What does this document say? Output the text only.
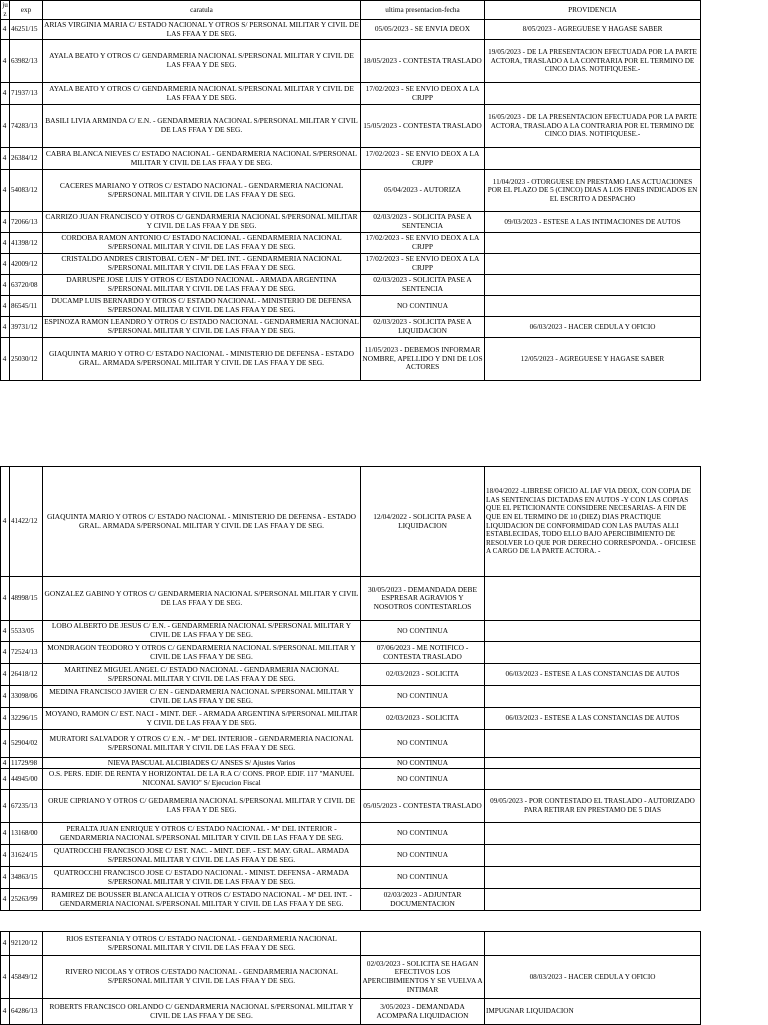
juz	exp	caratula	ultima presentacion-fecha	PROVIDENCIA
4	46251/15	ARIAS VIRGINIA MARIA C/ ESTADO NACIONAL Y OTROS S/ PERSONAL MILITAR Y CIVIL DE LAS FFAA Y DE SEG.	05/05/2023 - SE ENVIA DEOX	8/05/2023 - AGREGUESE Y HAGASE SABER
4	63982/13	AYALA BEATO Y OTROS C/ GENDARMERIA NACIONAL S/PERSONAL MILITAR Y CIVIL DE LAS FFAA Y DE SEG.	18/05/2023 - CONTESTA TRASLADO	19/05/2023 - DE LA PRESENTACION EFECTUADA POR LA PARTE ACTORA, TRASLADO A LA CONTRARIA POR EL TERMINO DE CINCO DIAS. NOTIFIQUESE.-
4	71937/13	AYALA BEATO Y OTROS C/ GENDARMERIA NACIONAL S/PERSONAL MILITAR Y CIVIL DE LAS FFAA Y DE SEG.	17/02/2023 - SE ENVIO DEOX A LA CRJPP	
4	74283/13	BASILI LIVIA ARMINDA C/ E.N. - GENDARMERIA NACIONAL S/PERSONAL MILITAR Y CIVIL DE LAS FFAA Y DE SEG.	15/05/2023 - CONTESTA TRASLADO	16/05/2023 - DE LA PRESENTACION EFECTUADA POR LA PARTE ACTORA, TRASLADO A LA CONTRARIA POR EL TERMINO DE CINCO DIAS. NOTIFIQUESE.-
4	26384/12	CABRA BLANCA NIEVES C/ ESTADO NACIONAL - GENDARMERIA NACIONAL S/PERSONAL MILITAR Y CIVIL DE LAS FFAA Y DE SEG.	17/02/2023 - SE ENVIO DEOX A LA CRJPP	
4	54083/12	CACERES MARIANO Y OTROS C/ ESTADO NACIONAL - GENDARMERIA NACIONAL S/PERSONAL MILITAR Y CIVIL DE LAS FFAA Y DE SEG.	05/04/2023 - AUTORIZA	11/04/2023 - OTORGUESE EN PRESTAMO LAS ACTUACIONES POR EL PLAZO DE 5 (CINCO) DIAS A LOS FINES INDICADOS EN EL ESCRITO A DESPACHO
4	72066/13	CARRIZO JUAN FRANCISCO Y OTROS C/ GENDARMERIA NACIONAL S/PERSONAL MILITAR Y CIVIL DE LAS FFAA Y DE SEG.	02/03/2023 - SOLICITA PASE A SENTENCIA	09/03/2023 - ESTESE A LAS INTIMACIONES DE AUTOS
4	41398/12	CORDOBA RAMON ANTONIO C/ ESTADO NACIONAL - GENDARMERIA NACIONAL S/PERSONAL MILITAR Y CIVIL DE LAS FFAA Y DE SEG.	17/02/2023 - SE ENVIO DEOX A LA CRJPP	
4	42009/12	CRISTALDO ANDRES CRISTOBAL C/EN - Mº DEL INT. - GENDARMERIA NACIONAL S/PERSONAL MILITAR Y CIVIL DE LAS FFAA Y DE SEG.	17/02/2023 - SE ENVIO DEOX A LA CRJPP	
4	63720/08	DARRUSPE JOSE LUIS Y OTROS C/ ESTADO NACIONAL - ARMADA ARGENTINA S/PERSONAL MILITAR Y CIVIL DE LAS FFAA Y DE SEG.	02/03/2023 - SOLICITA PASE A SENTENCIA	
4	86545/11	DUCAMP LUIS BERNARDO Y OTROS C/ ESTADO NACIONAL - MINISTERIO DE DEFENSA S/PERSONAL MILITAR Y CIVIL DE LAS FFAA Y DE SEG.	NO CONTINUA	
4	39731/12	ESPINOZA RAMON LEANDRO Y OTROS C/ ESTADO NACIONAL - GENDARMERIA NACIONAL S/PERSONAL MILITAR Y CIVIL DE LAS FFAA Y DE SEG.	02/03/2023 - SOLICITA PASE A LIQUIDACION	06/03/2023 - HACER CEDULA Y OFICIO
4	25030/12	GIAQUINTA MARIO Y OTRO C/ ESTADO NACIONAL - MINISTERIO DE DEFENSA - ESTADO GRAL. ARMADA S/PERSONAL MILITAR Y CIVIL DE LAS FFAA Y DE SEG.	11/05/2023 - DEBEMOS INFORMAR NOMBRE, APELLIDO Y DNI DE LOS ACTORES	12/05/2023 - AGREGUESE Y HAGASE SABER
4	41422/12	GIAQUINTA MARIO Y OTROS C/ ESTADO NACIONAL - MINISTERIO DE DEFENSA - ESTADO GRAL. ARMADA S/PERSONAL MILITAR Y CIVIL DE LAS FFAA Y DE SEG.	12/04/2022 - SOLICITA PASE A LIQUIDACION	18/04/2022 -LIBRESE OFICIO AL IAF VIA DEOX, CON COPIA DE LAS SENTENCIAS DICTADAS EN AUTOS -Y CON LAS COPIAS QUE EL PETICIONANTE CONSIDERE NECESARIAS- A FIN DE QUE EN EL TERMINO DE 10 (DIEZ) DIAS PRACTIQUE LIQUIDACION DE CONFORMIDAD CON LAS PAUTAS ALLI ESTABLECIDAS, TODO ELLO BAJO APERCIBIMIENTO DE RESOLVER LO QUE POR DERECHO CORRESPONDA. - OFICIESE A CARGO DE LA PARTE ACTORA. -
4	48998/15	GONZALEZ GABINO Y OTROS C/ GENDARMERIA NACIONAL S/PERSONAL MILITAR Y CIVIL DE LAS FFAA Y DE SEG.	30/05/2023 - DEMANDADA DEBE ESPRESAR AGRAVIOS Y NOSOTROS CONTESTARLOS	
4	5533/05	LOBO ALBERTO DE JESUS C/ E.N. - GENDARMERIA NACIONAL S/PERSONAL MILITAR Y CIVIL DE LAS FFAA Y DE SEG.	NO CONTINUA	
4	72524/13	MONDRAGON TEODORO Y OTROS C/ GENDARMERIA NACIONAL S/PERSONAL MILITAR Y CIVIL DE LAS FFAA Y DE SEG.	07/06/2023 - ME NOTIFICO - CONTESTA TRASLADO	
4	26418/12	MARTINEZ MIGUEL ANGEL C/ ESTADO NACIONAL - GENDARMERIA NACIONAL S/PERSONAL MILITAR Y CIVIL DE LAS FFAA Y DE SEG.	02/03/2023 - SOLICITA	06/03/2023 - ESTESE A LAS CONSTANCIAS DE AUTOS
4	33098/06	MEDINA FRANCISCO JAVIER C/ EN - GENDARMERIA NACIONAL S/PERSONAL MILITAR Y CIVIL DE LAS FFAA Y DE SEG.	NO CONTINUA	
4	32296/15	MOYANO, RAMON C/ EST. NACI - MINT. DEF. - ARMADA ARGENTINA S/PERSONAL MILITAR Y CIVIL DE LAS FFAA Y DE SEG.	02/03/2023 - SOLICITA	06/03/2023 - ESTESE A LAS CONSTANCIAS DE AUTOS
4	52904/02	MURATORI SALVADOR Y OTROS C/ E.N. - Mº DEL INTERIOR - GENDARMERIA NACIONAL S/PERSONAL MILITAR Y CIVIL DE LAS FFAA Y DE SEG.	NO CONTINUA	
4	11729/98	NIEVA PASCUAL ALCIBIADES C/ ANSES S/ Ajustes Varios	NO CONTINUA	
4	44945/00	O.S. PERS. EDIF. DE RENTA Y HORIZONTAL DE LA R.A C/ CONS. PROP. EDIF. 117 "MANUEL NICONAL SAVIO" S/ Ejecucion Fiscal	NO CONTINUA	
4	67235/13	ORUE CIPRIANO Y OTROS C/ GEDARMERIA NACIONAL S/PERSONAL MILITAR Y CIVIL DE LAS FFAA Y DE SEG.	05/05/2023 - CONTESTA TRASLADO	09/05/2023 - POR CONTESTADO EL TRASLADO - AUTORIZADO PARA RETIRAR EN PRESTAMO DE 5 DIAS
4	13168/00	PERALTA JUAN ENRIQUE Y OTROS C/ ESTADO NACIONAL - Mº DEL INTERIOR - GENDARMERIA NACIONAL S/PERSONAL MILITAR Y CIVIL DE LAS FFAA Y DE SEG.	NO CONTINUA	
4	31624/15	QUATROCCHI FRANCISCO JOSE C/ EST. NAC. - MINT. DEF. - EST. MAY. GRAL. ARMADA S/PERSONAL MILITAR Y CIVIL DE LAS FFAA Y DE SEG.	NO CONTINUA	
4	34863/15	QUATROCCHI FRANCISCO JOSE C/ ESTADO NACIONAL - MINIST. DEFENSA - ARMADA S/PERSONAL MILITAR Y CIVIL DE LAS FFAA Y DE SEG.	NO CONTINUA	
4	25263/99	RAMIREZ DE BOUSSER BLANCA ALICIA Y OTROS C/ ESTADO NACIONAL - Mº DEL INT. - GENDARMERIA NACIONAL S/PERSONAL MILITAR Y CIVIL DE LAS FFAA Y DE SEG.	02/03/2023 - ADJUNTAR DOCUMENTACION	
4	92120/12	RIOS ESTEFANIA Y OTROS C/ ESTADO NACIONAL - GENDARMERIA NACIONAL S/PERSONAL MILITAR Y CIVIL DE LAS FFAA Y DE SEG.		
4	45849/12	RIVERO NICOLAS Y OTROS C/ESTADO NACIONAL - GENDARMERIA NACIONAL S/PERSONAL MILITAR Y CIVIL DE LAS FFAA Y DE SEG.	02/03/2023 - SOLICITA SE HAGAN EFECTIVOS LOS APERCIBIMIENTOS Y SE VUELVA A INTIMAR	08/03/2023 - HACER CEDULA Y OFICIO
4	64286/13	ROBERTS FRANCISCO ORLANDO C/ GENDARMERIA NACIONAL S/PERSONAL MILITAR Y CIVIL DE LAS FFAA Y DE SEG.	3/05/2023 - DEMANDADA ACOMPAÑA LIQUIDACION	IMPUGNAR LIQUIDACION
